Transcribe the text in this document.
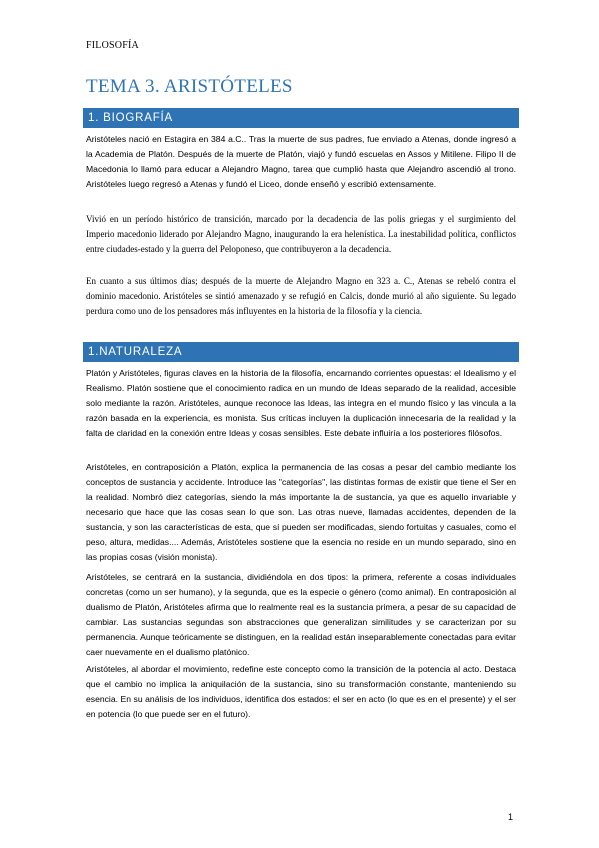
FILOSOFÍA
TEMA 3. ARISTÓTELES
1. BIOGRAFÍA

Aristóteles nació en Estagira en 384 a.C.. Tras la muerte de sus padres, fue enviado a Atenas, donde ingresó a la Academia de Platón. Después de la muerte de Platón, viajó y fundó escuelas en Assos y Mitilene. Filipo II de Macedonia lo llamó para educar a Alejandro Magno, tarea que cumplió hasta que Alejandro ascendió al trono. Aristóteles luego regresó a Atenas y fundó el Liceo, donde enseñó y escribió extensamente.

Vivió en un período histórico de transición, marcado por la decadencia de las polis griegas y el surgimiento del Imperio macedonio liderado por Alejandro Magno, inaugurando la era helenística. La inestabilidad política, conflictos entre ciudades-estado y la guerra del Peloponeso, que contribuyeron a la decadencia.

En cuanto a sus últimos días; después de la muerte de Alejandro Magno en 323 a. C., Atenas se rebeló contra el dominio macedonio. Aristóteles se sintió amenazado y se refugió en Calcis, donde murió al año siguiente. Su legado perdura como uno de los pensadores más influyentes en la historia de la filosofía y la ciencia.

1.NATURALEZA

Platón y Aristóteles, figuras claves en la historia de la filosofía, encarnando corrientes opuestas: el Idealismo y el Realismo. Platón sostiene que el conocimiento radica en un mundo de Ideas separado de la realidad, accesible solo mediante la razón. Aristóteles, aunque reconoce las Ideas, las integra en el mundo físico y las vincula a la razón basada en la experiencia, es monista. Sus críticas incluyen la duplicación innecesaria de la realidad y la falta de claridad en la conexión entre Ideas y cosas sensibles. Este debate influiría a los posteriores filósofos.

Aristóteles, en contraposición a Platón, explica la permanencia de las cosas a pesar del cambio mediante los conceptos de sustancia y accidente. Introduce las "categorías", las distintas formas de existir que tiene el Ser en la realidad. Nombró diez categorías, siendo la más importante la de sustancia, ya que es aquello invariable y necesario que hace que las cosas sean lo que son. Las otras nueve, llamadas accidentes, dependen de la sustancia, y son las características de esta, que sí pueden ser modificadas, siendo fortuitas y casuales, como el peso, altura, medidas.... Además, Aristóteles sostiene que la esencia no reside en un mundo separado, sino en las propias cosas (visión monista).

Aristóteles, se centrará en la sustancia, dividiéndola en dos tipos: la primera, referente a cosas individuales concretas (como un ser humano), y la segunda, que es la especie o género (como animal). En contraposición al dualismo de Platón, Aristóteles afirma que lo realmente real es la sustancia primera, a pesar de su capacidad de cambiar. Las sustancias segundas son abstracciones que generalizan similitudes y se caracterizan por su permanencia. Aunque teóricamente se distinguen, en la realidad están inseparablemente conectadas para evitar caer nuevamente en el dualismo platónico.

Aristóteles, al abordar el movimiento, redefine este concepto como la transición de la potencia al acto. Destaca que el cambio no implica la aniquilación de la sustancia, sino su transformación constante, manteniendo su esencia. En su análisis de los individuos, identifica dos estados: el ser en acto (lo que es en el presente) y el ser en potencia (lo que puede ser en el futuro).

1
